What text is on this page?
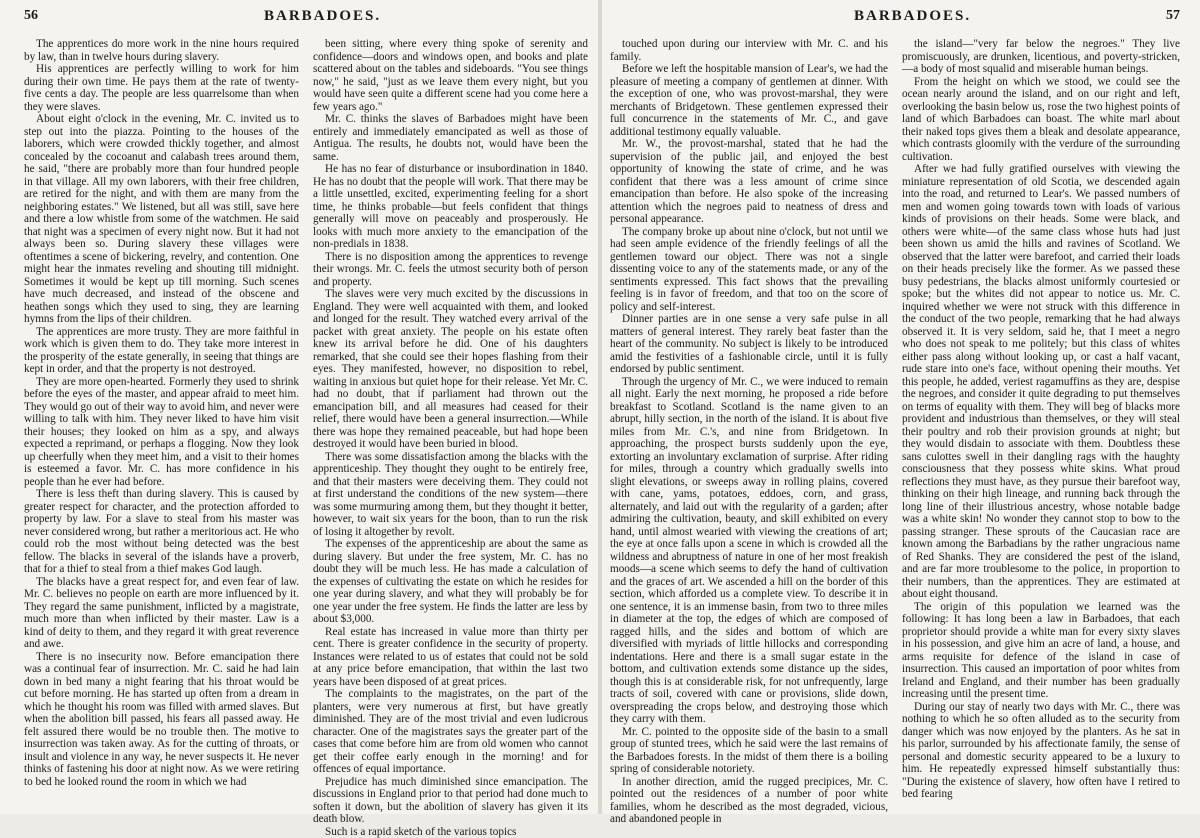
56	BARBADOES.

The apprentices do more work in the nine hours required by law, than in twelve hours during slavery.

His apprentices are perfectly willing to work for him during their own time. He pays them at the rate of twenty-five cents a day. The people are less quarrelsome than when they were slaves.

About eight o'clock in the evening, Mr. C. invited us to step out into the piazza. Pointing to the houses of the laborers, which were crowded thickly together, and almost concealed by the cocoanut and calabash trees around them, he said, "there are probably more than four hundred people in that village. All my own laborers, with their free children, are retired for the night, and with them are many from the neighboring estates." We listened, but all was still, save here and there a low whistle from some of the watchmen. He said that night was a specimen of every night now. But it had not always been so. During slavery these villages were oftentimes a scene of bickering, revelry, and contention. One might hear the inmates reveling and shouting till midnight. Sometimes it would be kept up till morning. Such scenes have much decreased, and instead of the obscene and heathen songs which they used to sing, they are learning hymns from the lips of their children.

The apprentices are more trusty. They are more faithful in work which is given them to do. They take more interest in the prosperity of the estate generally, in seeing that things are kept in order, and that the property is not destroyed.

They are more open-hearted. Formerly they used to shrink before the eyes of the master, and appear afraid to meet him. They would go out of their way to avoid him, and never were willing to talk with him. They never liked to have him visit their houses; they looked on him as a spy, and always expected a reprimand, or perhaps a flogging. Now they look up cheerfully when they meet him, and a visit to their homes is esteemed a favor. Mr. C. has more confidence in his people than he ever had before.

There is less theft than during slavery. This is caused by greater respect for character, and the protection afforded to property by law. For a slave to steal from his master was never considered wrong, but rather a meritorious act. He who could rob the most without being detected was the best fellow. The blacks in several of the islands have a proverb, that for a thief to steal from a thief makes God laugh.

The blacks have a great respect for, and even fear of law. Mr. C. believes no people on earth are more influenced by it. They regard the same punishment, inflicted by a magistrate, much more than when inflicted by their master. Law is a kind of deity to them, and they regard it with great reverence and awe.

There is no insecurity now. Before emancipation there was a continual fear of insurrection. Mr. C. said he had lain down in bed many a night fearing that his throat would be cut before morning. He has started up often from a dream in which he thought his room was filled with armed slaves. But when the abolition bill passed, his fears all passed away. He felt assured there would be no trouble then. The motive to insurrection was taken away. As for the cutting of throats, or insult and violence in any way, he never suspects it. He never thinks of fastening his door at night now. As we were retiring to bed he looked round the room in which we had

been sitting, where every thing spoke of serenity and confidence—doors and windows open, and books and plate scattered about on the tables and sideboards. "You see things now," he said, "just as we leave them every night, but you would have seen quite a different scene had you come here a few years ago."

Mr. C. thinks the slaves of Barbadoes might have been entirely and immediately emancipated as well as those of Antigua. The results, he doubts not, would have been the same.

He has no fear of disturbance or insubordination in 1840. He has no doubt that the people will work. That there may be a little unsettled, excited, experimenting feeling for a short time, he thinks probable—but feels confident that things generally will move on peaceably and prosperously. He looks with much more anxiety to the emancipation of the non-predials in 1838.

There is no disposition among the apprentices to revenge their wrongs. Mr. C. feels the utmost security both of person and property.

The slaves were very much excited by the discussions in England. They were well acquainted with them, and looked and longed for the result. They watched every arrival of the packet with great anxiety. The people on his estate often knew its arrival before he did. One of his daughters remarked, that she could see their hopes flashing from their eyes. They manifested, however, no disposition to rebel, waiting in anxious but quiet hope for their release. Yet Mr. C. had no doubt, that if parliament had thrown out the emancipation bill, and all measures had ceased for their relief, there would have been a general insurrection.—While there was hope they remained peaceable, but had hope been destroyed it would have been buried in blood.

There was some dissatisfaction among the blacks with the apprenticeship. They thought they ought to be entirely free, and that their masters were deceiving them. They could not at first understand the conditions of the new system—there was some murmuring among them, but they thought it better, however, to wait six years for the boon, than to run the risk of losing it altogether by revolt.

The expenses of the apprenticeship are about the same as during slavery. But under the free system, Mr. C. has no doubt they will be much less. He has made a calculation of the expenses of cultivating the estate on which he resides for one year during slavery, and what they will probably be for one year under the free system. He finds the latter are less by about $3,000.

Real estate has increased in value more than thirty per cent. There is greater confidence in the security of property. Instances were related to us of estates that could not be sold at any price before emancipation, that within the last two years have been disposed of at great prices.

The complaints to the magistrates, on the part of the planters, were very numerous at first, but have greatly diminished. They are of the most trivial and even ludicrous character. One of the magistrates says the greater part of the cases that come before him are from old women who cannot get their coffee early enough in the morning! and for offences of equal importance.

Prejudice has much diminished since emancipation. The discussions in England prior to that period had done much to soften it down, but the abolition of slavery has given it its death blow.

Such is a rapid sketch of the various topics

BARBADOES.	57

touched upon during our interview with Mr. C. and his family.

Before we left the hospitable mansion of Lear's, we had the pleasure of meeting a company of gentlemen at dinner. With the exception of one, who was provost-marshal, they were merchants of Bridgetown. These gentlemen expressed their full concurrence in the statements of Mr. C., and gave additional testimony equally valuable.

Mr. W., the provost-marshal, stated that he had the supervision of the public jail, and enjoyed the best opportunity of knowing the state of crime, and he was confident that there was a less amount of crime since emancipation than before. He also spoke of the increasing attention which the negroes paid to neatness of dress and personal appearance.

The company broke up about nine o'clock, but not until we had seen ample evidence of the friendly feelings of all the gentlemen toward our object. There was not a single dissenting voice to any of the statements made, or any of the sentiments expressed. This fact shows that the prevailing feeling is in favor of freedom, and that too on the score of policy and self-interest.

Dinner parties are in one sense a very safe pulse in all matters of general interest. They rarely beat faster than the heart of the community. No subject is likely to be introduced amid the festivities of a fashionable circle, until it is fully endorsed by public sentiment.

Through the urgency of Mr. C., we were induced to remain all night. Early the next morning, he proposed a ride before breakfast to Scotland. Scotland is the name given to an abrupt, hilly section, in the north of the island. It is about five miles from Mr. C.'s, and nine from Bridgetown. In approaching, the prospect bursts suddenly upon the eye, extorting an involuntary exclamation of surprise. After riding for miles, through a country which gradually swells into slight elevations, or sweeps away in rolling plains, covered with cane, yams, potatoes, eddoes, corn, and grass, alternately, and laid out with the regularity of a garden; after admiring the cultivation, beauty, and skill exhibited on every hand, until almost wearied with viewing the creations of art; the eye at once falls upon a scene in which is crowded all the wildness and abruptness of nature in one of her most freakish moods—a scene which seems to defy the hand of cultivation and the graces of art. We ascended a hill on the border of this section, which afforded us a complete view. To describe it in one sentence, it is an immense basin, from two to three miles in diameter at the top, the edges of which are composed of ragged hills, and the sides and bottom of which are diversified with myriads of little hillocks and corresponding indentations. Here and there is a small sugar estate in the bottom, and cultivation extends some distance up the sides, though this is at considerable risk, for not unfrequently, large tracts of soil, covered with cane or provisions, slide down, overspreading the crops below, and destroying those which they carry with them.

Mr. C. pointed to the opposite side of the basin to a small group of stunted trees, which he said were the last remains of the Barbadoes forests. In the midst of them there is a boiling spring of considerable notoriety.

In another direction, amid the rugged precipices, Mr. C. pointed out the residences of a number of poor white families, whom he described as the most degraded, vicious, and abandoned people in

the island—"very far below the negroes." They live promiscuously, are drunken, licentious, and poverty-stricken,—a body of most squalid and miserable human beings.

From the height on which we stood, we could see the ocean nearly around the island, and on our right and left, overlooking the basin below us, rose the two highest points of land of which Barbadoes can boast. The white marl about their naked tops gives them a bleak and desolate appearance, which contrasts gloomily with the verdure of the surrounding cultivation.

After we had fully gratified ourselves with viewing the miniature representation of old Scotia, we descended again into the road, and returned to Lear's. We passed numbers of men and women going towards town with loads of various kinds of provisions on their heads. Some were black, and others were white—of the same class whose huts had just been shown us amid the hills and ravines of Scotland. We observed that the latter were barefoot, and carried their loads on their heads precisely like the former. As we passed these busy pedestrians, the blacks almost uniformly courtesied or spoke; but the whites did not appear to notice us. Mr. C. inquired whether we were not struck with this difference in the conduct of the two people, remarking that he had always observed it. It is very seldom, said he, that I meet a negro who does not speak to me politely; but this class of whites either pass along without looking up, or cast a half vacant, rude stare into one's face, without opening their mouths. Yet this people, he added, veriest ragamuffins as they are, despise the negroes, and consider it quite degrading to put themselves on terms of equality with them. They will beg of blacks more provident and industrious than themselves, or they will steal their poultry and rob their provision grounds at night; but they would disdain to associate with them. Doubtless these sans culottes swell in their dangling rags with the haughty consciousness that they possess white skins. What proud reflections they must have, as they pursue their barefoot way, thinking on their high lineage, and running back through the long line of their illustrious ancestry, whose notable badge was a white skin! No wonder they cannot stop to bow to the passing stranger. These sprouts of the Caucasian race are known among the Barbadians by the rather ungracious name of Red Shanks. They are considered the pest of the island, and are far more troublesome to the police, in proportion to their numbers, than the apprentices. They are estimated at about eight thousand.

The origin of this population we learned was the following: It has long been a law in Barbadoes, that each proprietor should provide a white man for every sixty slaves in his possession, and give him an acre of land, a house, and arms requisite for defence of the island in case of insurrection. This caused an importation of poor whites from Ireland and England, and their number has been gradually increasing until the present time.

During our stay of nearly two days with Mr. C., there was nothing to which he so often alluded as to the security from danger which was now enjoyed by the planters. As he sat in his parlor, surrounded by his affectionate family, the sense of personal and domestic security appeared to be a luxury to him. He repeatedly expressed himself substantially thus: "During the existence of slavery, how often have I retired to bed fearing
